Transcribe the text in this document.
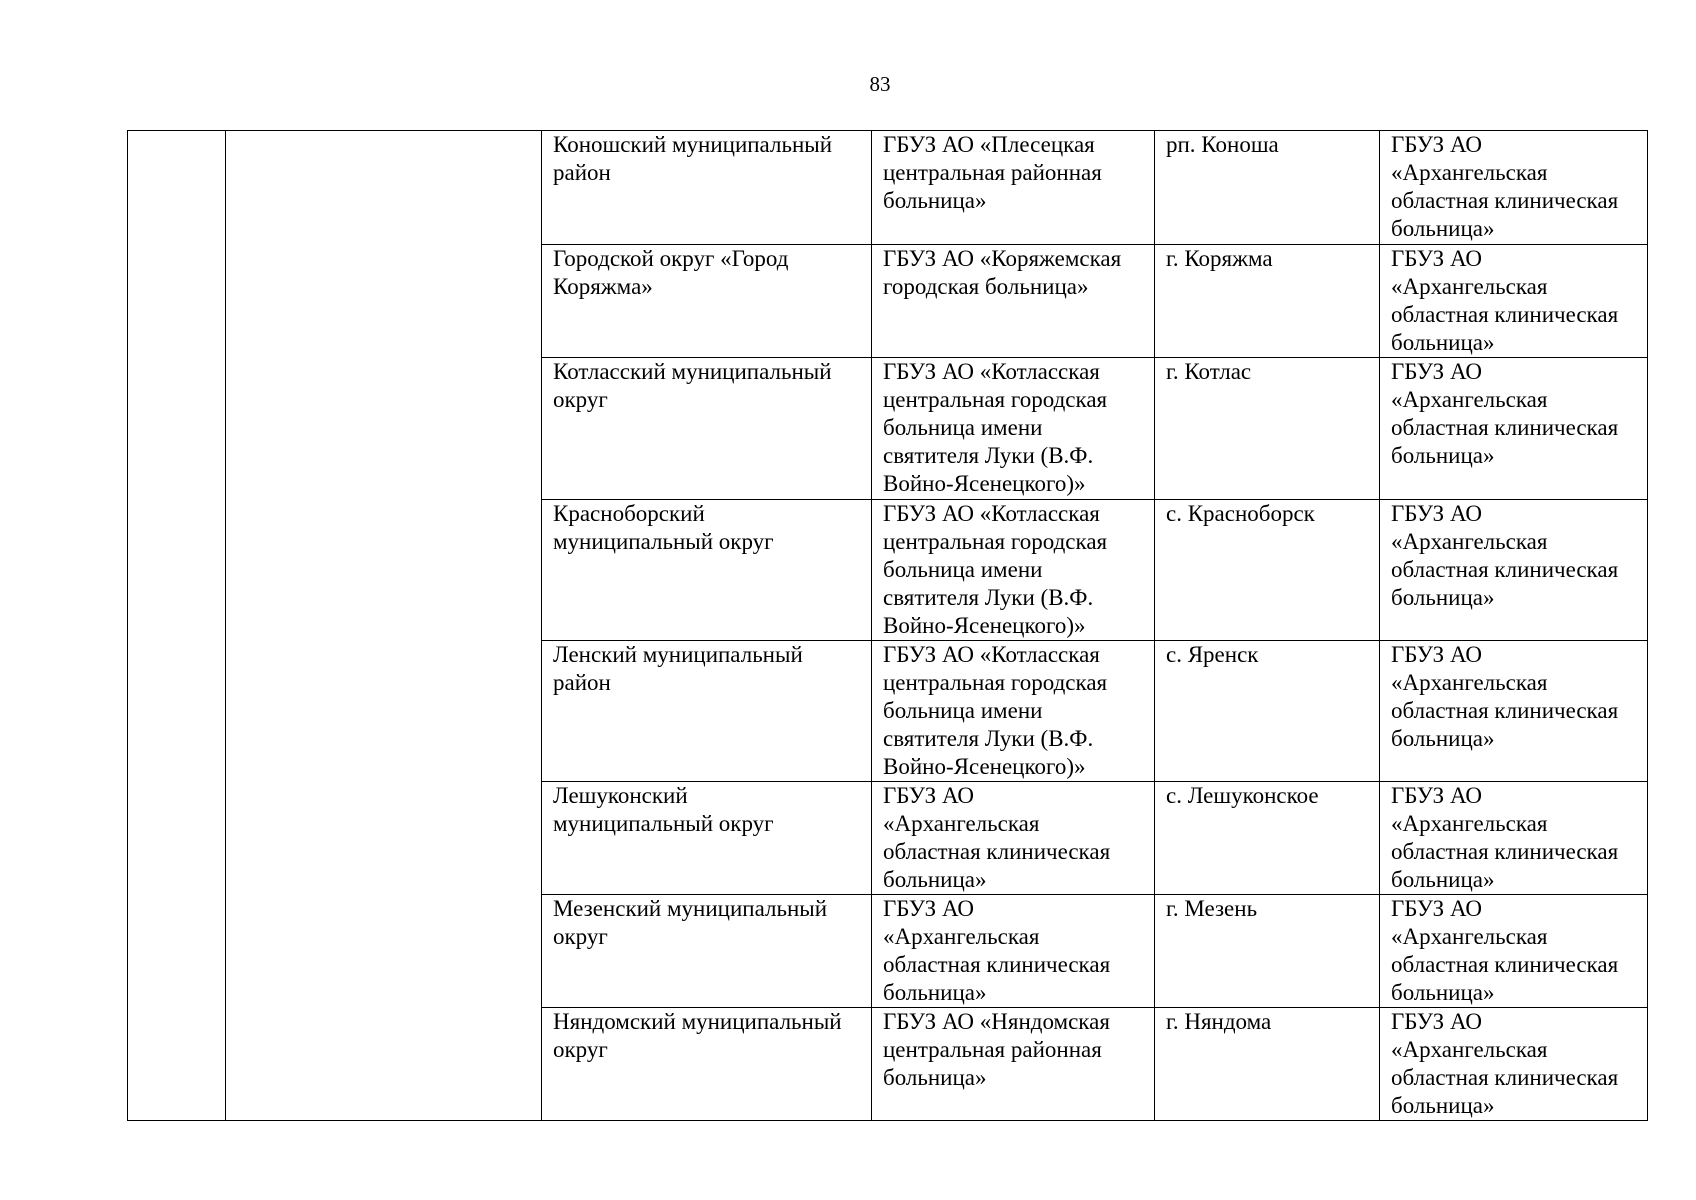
83
		Коношский муниципальный
район	ГБУЗ АО «Плесецкая
центральная районная
больница»	рп. Коноша	ГБУЗ АО
«Архангельская
областная клиническая
больница»
		Городской округ «Город
Коряжма»	ГБУЗ АО «Коряжемская
городская больница»	г. Коряжма	ГБУЗ АО
«Архангельская
областная клиническая
больница»
		Котласский муниципальный
округ	ГБУЗ АО «Котласская
центральная городская
больница имени
святителя Луки (В.Ф.
Войно-Ясенецкого)»	г. Котлас	ГБУЗ АО
«Архангельская
областная клиническая
больница»
		Красноборский
муниципальный округ	ГБУЗ АО «Котласская
центральная городская
больница имени
святителя Луки (В.Ф.
Войно-Ясенецкого)»	с. Красноборск	ГБУЗ АО
«Архангельская
областная клиническая
больница»
		Ленский муниципальный
район	ГБУЗ АО «Котласская
центральная городская
больница имени
святителя Луки (В.Ф.
Войно-Ясенецкого)»	с. Яренск	ГБУЗ АО
«Архангельская
областная клиническая
больница»
		Лешуконский
муниципальный округ	ГБУЗ АО
«Архангельская
областная клиническая
больница»	с. Лешуконское	ГБУЗ АО
«Архангельская
областная клиническая
больница»
		Мезенский муниципальный
округ	ГБУЗ АО
«Архангельская
областная клиническая
больница»	г. Мезень	ГБУЗ АО
«Архангельская
областная клиническая
больница»
		Няндомский муниципальный
округ	ГБУЗ АО «Няндомская
центральная районная
больница»	г. Няндома	ГБУЗ АО
«Архангельская
областная клиническая
больница»
